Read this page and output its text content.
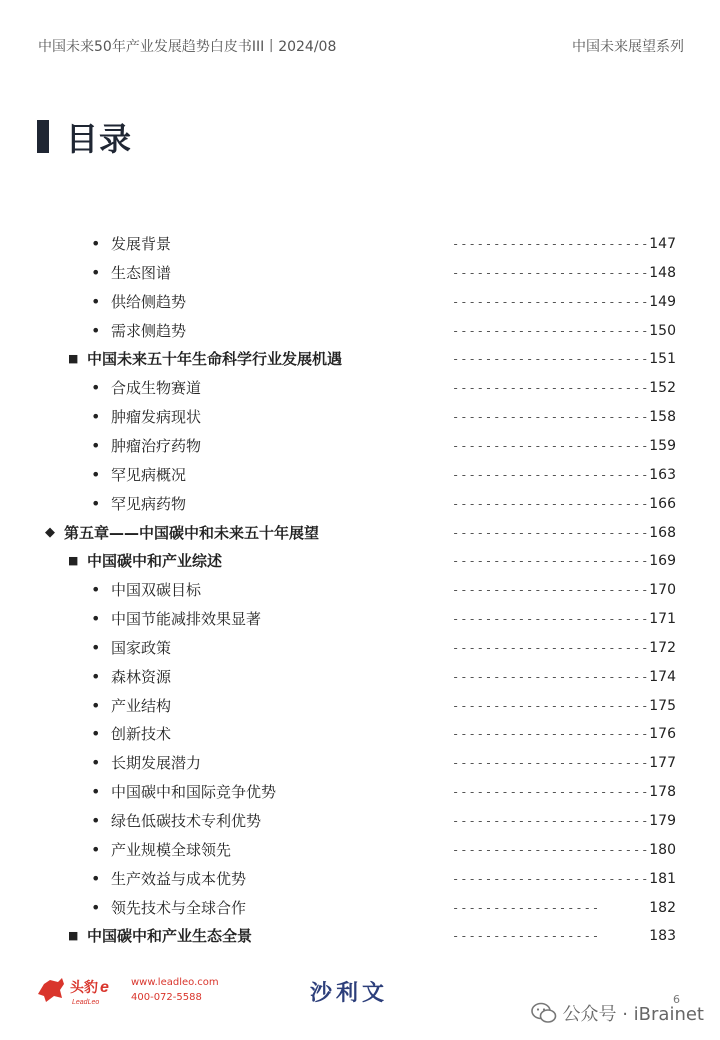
中国未来50年产业发展趋势白皮书III丨2024/08	中国未来展望系列
目录
• 发展背景	------------------------ 147
• 生态图谱	------------------------ 148
• 供给侧趋势	------------------------ 149
• 需求侧趋势	------------------------ 150
■ 中国未来五十年生命科学行业发展机遇	------------------------ 151
• 合成生物赛道	------------------------ 152
• 肿瘤发病现状	------------------------ 158
• 肿瘤治疗药物	------------------------ 159
• 罕见病概况	------------------------ 163
• 罕见病药物	------------------------ 166
◆ 第五章——中国碳中和未来五十年展望	------------------------ 168
■ 中国碳中和产业综述	------------------------ 169
• 中国双碳目标	------------------------ 170
• 中国节能减排效果显著	------------------------ 171
• 国家政策	------------------------ 172
• 森林资源	------------------------ 174
• 产业结构	------------------------ 175
• 创新技术	------------------------ 176
• 长期发展潜力	------------------------ 177
• 中国碳中和国际竞争优势	------------------------ 178
• 绿色低碳技术专利优势	------------------------ 179
• 产业规模全球领先	------------------------ 180
• 生产效益与成本优势	------------------------ 181
• 领先技术与全球合作	------------------	182
■ 中国碳中和产业生态全景	------------------	183
头豹 e
LeadLeo
www.leadleo.com
400-072-5588	沙利文	6
公众号 · iBrainet
